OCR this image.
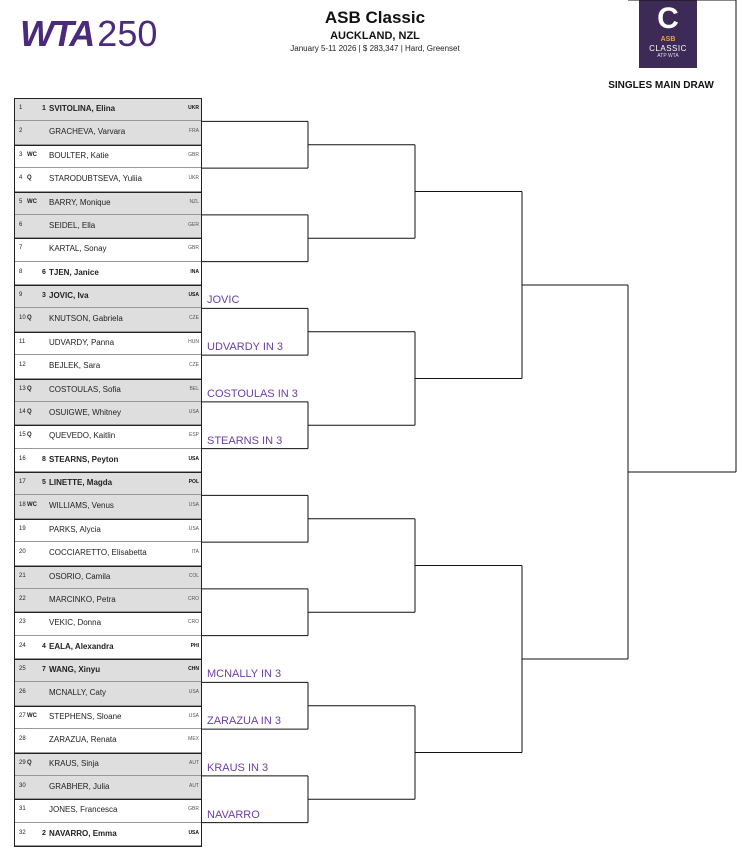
WTA 250	ASB Classic
AUCKLAND, NZL
January 5-11 2026 | $ 283,347 | Hard, Greenset
C
ASB
CLASSIC
ATP WTA
SINGLES MAIN DRAW
1	1 SVITOLINA, Elina	UKR
2	GRACHEVA, Varvara	FRA
3 WC	BOULTER, Katie	GBR
4 Q	STARODUBTSEVA, Yuliia	UKR
5 WC	BARRY, Monique	NZL
6	SEIDEL, Ella	GER
7	KARTAL, Sonay	GBR
8	6 TJEN, Janice	INA
9	3 JOVIC, Iva	USA
10 Q	KNUTSON, Gabriela	CZE
11	UDVARDY, Panna	HUN
12	BEJLEK, Sara	CZE
13 Q	COSTOULAS, Sofia	BEL
14 Q	OSUIGWE, Whitney	USA
15 Q	QUEVEDO, Kaitlin	ESP
16	8 STEARNS, Peyton	USA
17	5 LINETTE, Magda	POL
18 WC	WILLIAMS, Venus	USA
19	PARKS, Alycia	USA
20	COCCIARETTO, Elisabetta	ITA
21	OSORIO, Camila	COL
22	MARCINKO, Petra	CRO
23	VEKIC, Donna	CRO
24	4 EALA, Alexandra	PHI
25	7 WANG, Xinyu	CHN
26	MCNALLY, Caty	USA
27 WC	STEPHENS, Sloane	USA
28	ZARAZUA, Renata	MEX
29 Q	KRAUS, Sinja	AUT
30	GRABHER, Julia	AUT
31	JONES, Francesca	GBR
32	2 NAVARRO, Emma	USA
JOVIC
UDVARDY IN 3
COSTOULAS IN 3
STEARNS IN 3
MCNALLY IN 3
ZARAZUA IN 3
KRAUS IN 3
NAVARRO
